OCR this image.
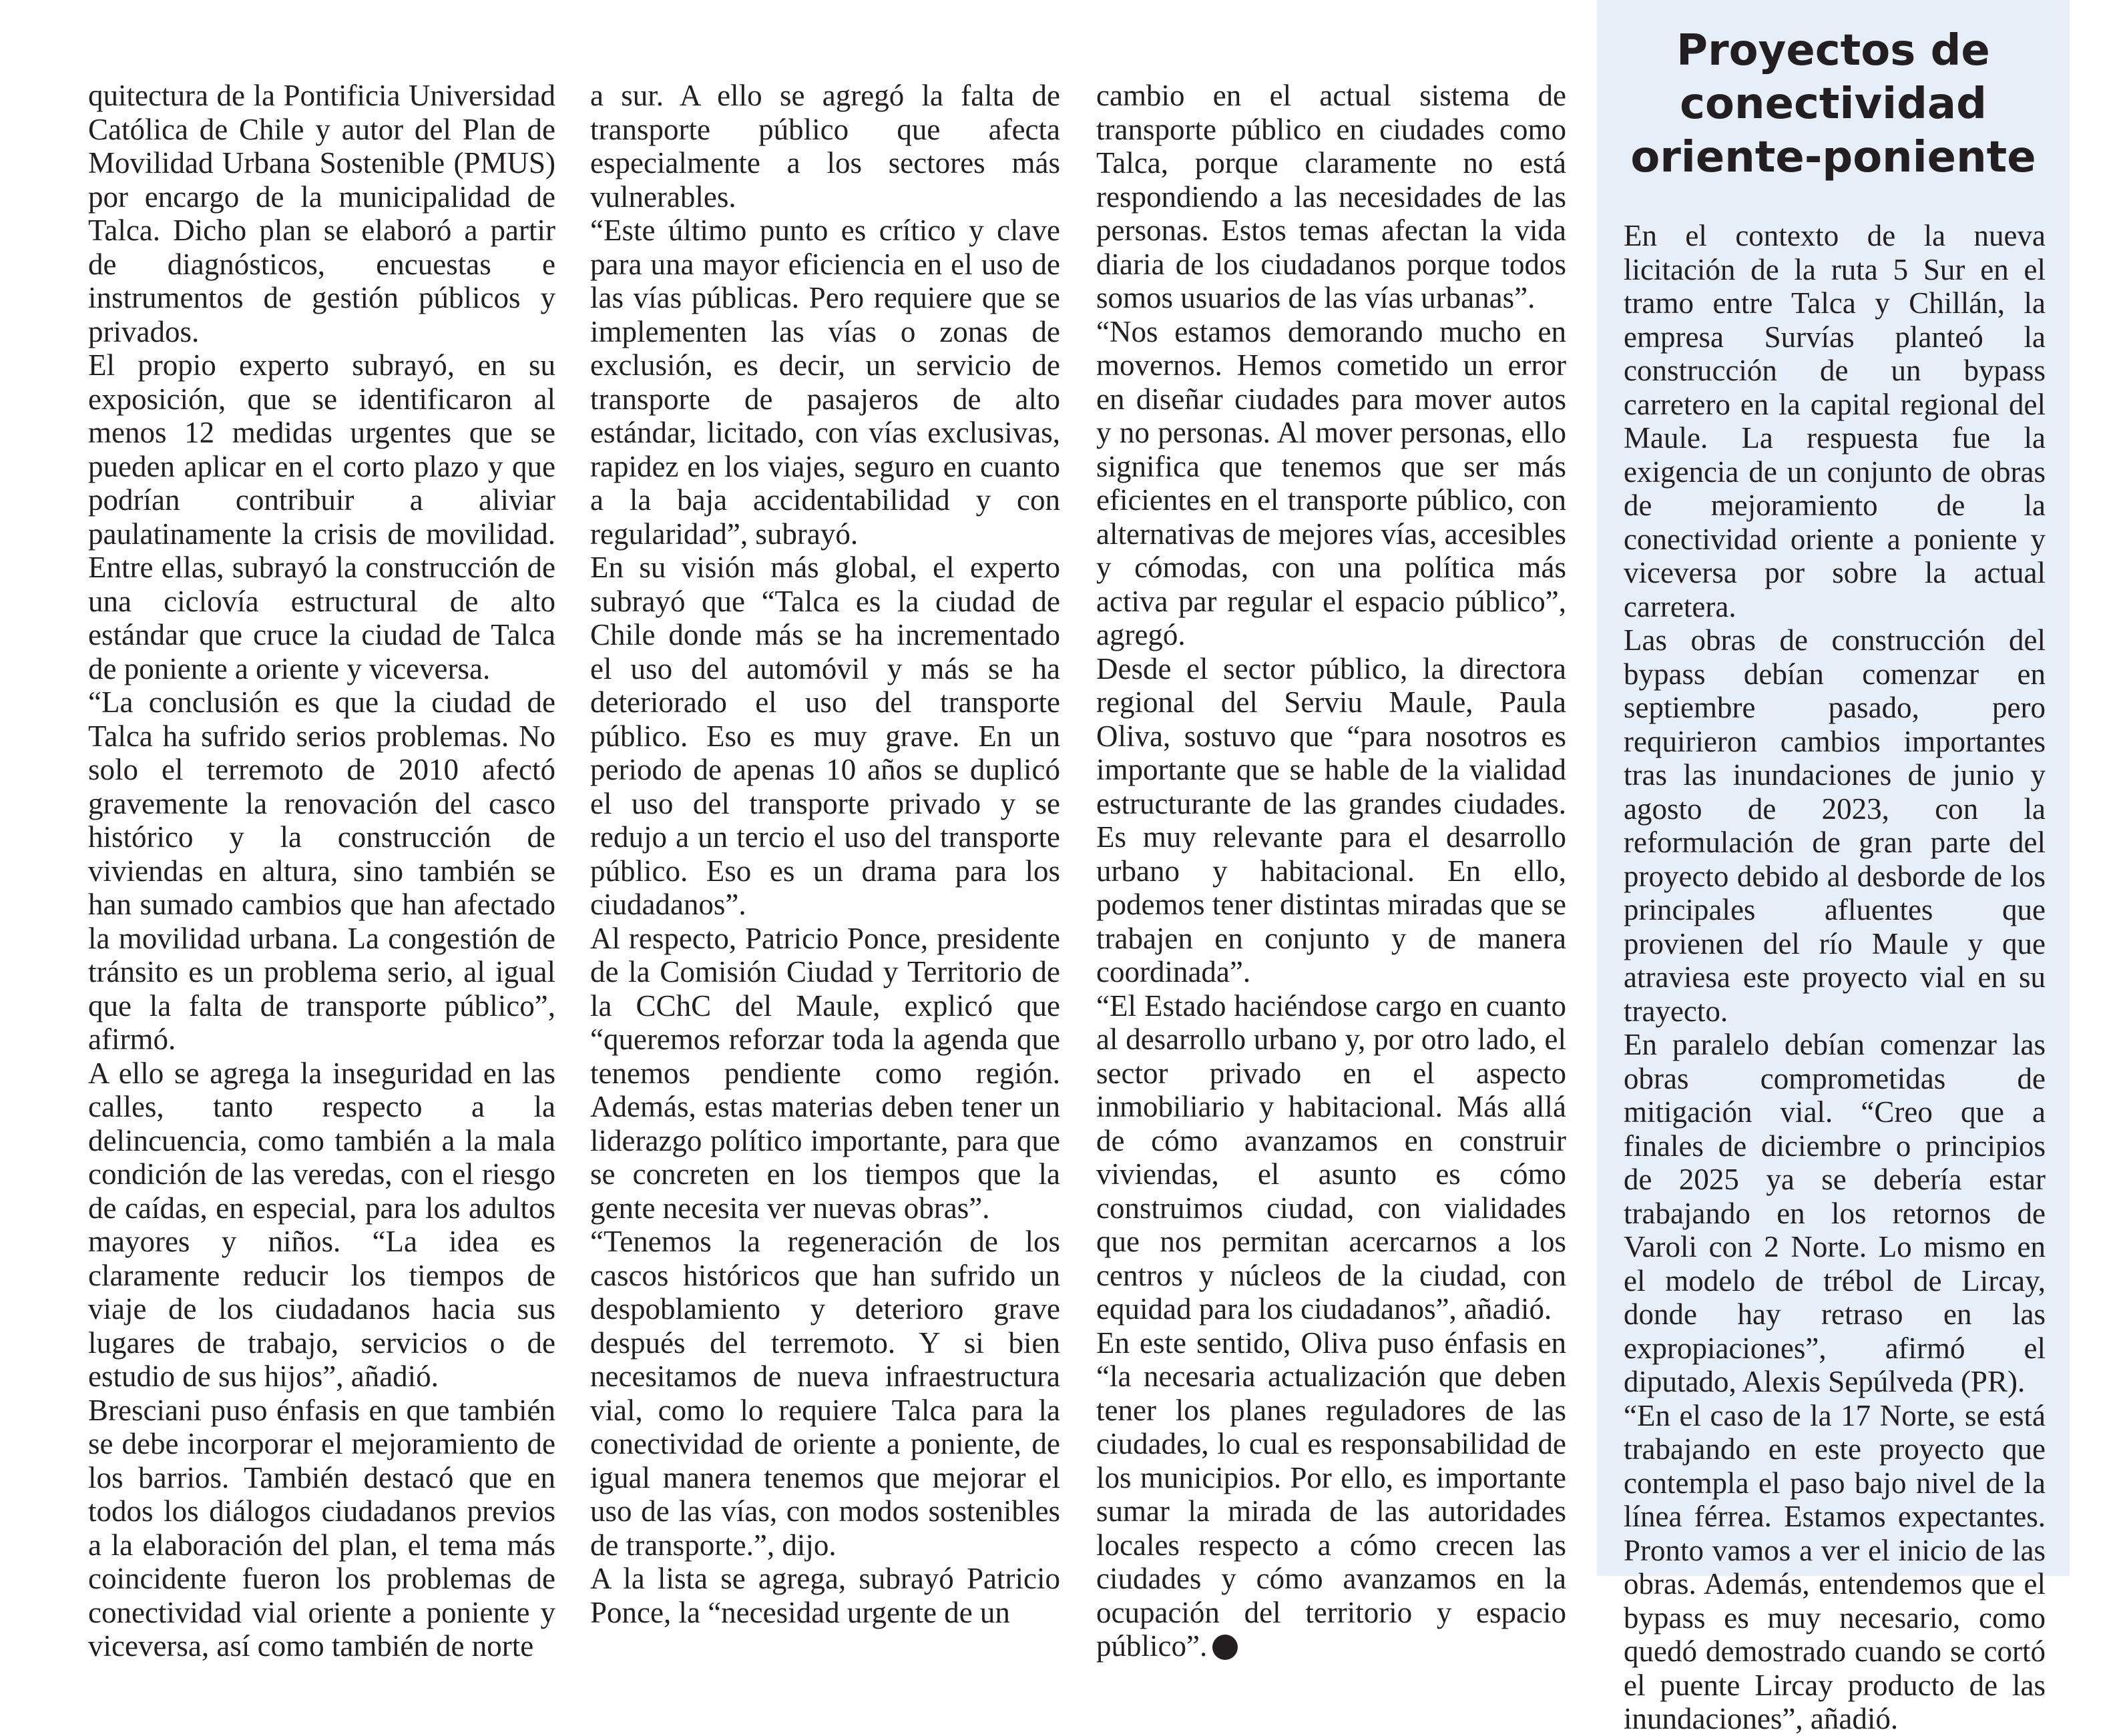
quitectura de la Pontificia Universidad Católica de Chile y autor del Plan de Movilidad Urbana Sostenible (PMUS) por encargo de la municipalidad de Talca. Dicho plan se elaboró a partir de diagnósticos, encuestas e instrumentos de gestión públicos y privados.

El propio experto subrayó, en su exposición, que se identificaron al menos 12 medidas urgentes que se pueden aplicar en el corto plazo y que podrían contribuir a aliviar paulatinamente la crisis de movilidad. Entre ellas, subrayó la construcción de una ciclovía estructural de alto estándar que cruce la ciudad de Talca de poniente a oriente y viceversa.

“La conclusión es que la ciudad de Talca ha sufrido serios problemas. No solo el terremoto de 2010 afectó gravemente la renovación del casco histórico y la construcción de viviendas en altura, sino también se han sumado cambios que han afectado la movilidad urbana. La congestión de tránsito es un problema serio, al igual que la falta de transporte público”, afirmó.

A ello se agrega la inseguridad en las calles, tanto respecto a la delincuencia, como también a la mala condición de las veredas, con el riesgo de caídas, en especial, para los adultos mayores y niños. “La idea es claramente reducir los tiempos de viaje de los ciudadanos hacia sus lugares de trabajo, servicios o de estudio de sus hijos”, añadió.

Bresciani puso énfasis en que también se debe incorporar el mejoramiento de los barrios. También destacó que en todos los diálogos ciudadanos previos a la elaboración del plan, el tema más coincidente fueron los problemas de conectividad vial oriente a poniente y viceversa, así como también de norte

a sur. A ello se agregó la falta de transporte público que afecta especialmente a los sectores más vulnerables.

“Este último punto es crítico y clave para una mayor eficiencia en el uso de las vías públicas. Pero requiere que se implementen las vías o zonas de exclusión, es decir, un servicio de transporte de pasajeros de alto estándar, licitado, con vías exclusivas, rapidez en los viajes, seguro en cuanto a la baja accidentabilidad y con regularidad”, subrayó.

En su visión más global, el experto subrayó que “Talca es la ciudad de Chile donde más se ha incrementado el uso del automóvil y más se ha deteriorado el uso del transporte público. Eso es muy grave. En un periodo de apenas 10 años se duplicó el uso del transporte privado y se redujo a un tercio el uso del transporte público. Eso es un drama para los ciudadanos”.

Al respecto, Patricio Ponce, presidente de la Comisión Ciudad y Territorio de la CChC del Maule, explicó que “queremos reforzar toda la agenda que tenemos pendiente como región. Además, estas materias deben tener un liderazgo político importante, para que se concreten en los tiempos que la gente necesita ver nuevas obras”.

“Tenemos la regeneración de los cascos históricos que han sufrido un despoblamiento y deterioro grave después del terremoto. Y si bien necesitamos de nueva infraestructura vial, como lo requiere Talca para la conectividad de oriente a poniente, de igual manera tenemos que mejorar el uso de las vías, con modos sostenibles de transporte.”, dijo.

A la lista se agrega, subrayó Patricio Ponce, la “necesidad urgente de un

cambio en el actual sistema de transporte público en ciudades como Talca, porque claramente no está respondiendo a las necesidades de las personas. Estos temas afectan la vida diaria de los ciudadanos porque todos somos usuarios de las vías urbanas”.

“Nos estamos demorando mucho en movernos. Hemos cometido un error en diseñar ciudades para mover autos y no personas. Al mover personas, ello significa que tenemos que ser más eficientes en el transporte público, con alternativas de mejores vías, accesibles y cómodas, con una política más activa par regular el espacio público”, agregó.

Desde el sector público, la directora regional del Serviu Maule, Paula Oliva, sostuvo que “para nosotros es importante que se hable de la vialidad estructurante de las grandes ciudades. Es muy relevante para el desarrollo urbano y habitacional. En ello, podemos tener distintas miradas que se trabajen en conjunto y de manera coordinada”.

“El Estado haciéndose cargo en cuanto al desarrollo urbano y, por otro lado, el sector privado en el aspecto inmobiliario y habitacional. Más allá de cómo avanzamos en construir viviendas, el asunto es cómo construimos ciudad, con vialidades que nos permitan acercarnos a los centros y núcleos de la ciudad, con equidad para los ciudadanos”, añadió.

En este sentido, Oliva puso énfasis en “la necesaria actualización que deben tener los planes reguladores de las ciudades, lo cual es responsabilidad de los municipios. Por ello, es importante sumar la mirada de las autoridades locales respecto a cómo crecen las ciudades y cómo avanzamos en la ocupación del territorio y espacio público”.

Proyectos de conectividad oriente-poniente

En el contexto de la nueva licitación de la ruta 5 Sur en el tramo entre Talca y Chillán, la empresa Survías planteó la construcción de un bypass carretero en la capital regional del Maule. La respuesta fue la exigencia de un conjunto de obras de mejoramiento de la conectividad oriente a poniente y viceversa por sobre la actual carretera.

Las obras de construcción del bypass debían comenzar en septiembre pasado, pero requirieron cambios importantes tras las inundaciones de junio y agosto de 2023, con la reformulación de gran parte del proyecto debido al desborde de los principales afluentes que provienen del río Maule y que atraviesa este proyecto vial en su trayecto.

En paralelo debían comenzar las obras comprometidas de mitigación vial. “Creo que a finales de diciembre o principios de 2025 ya se debería estar trabajando en los retornos de Varoli con 2 Norte. Lo mismo en el modelo de trébol de Lircay, donde hay retraso en las expropiaciones”, afirmó el diputado, Alexis Sepúlveda (PR).

“En el caso de la 17 Norte, se está trabajando en este proyecto que contempla el paso bajo nivel de la línea férrea. Estamos expectantes. Pronto vamos a ver el inicio de las obras. Además, entendemos que el bypass es muy necesario, como quedó demostrado cuando se cortó el puente Lircay producto de las inundaciones”, añadió.
